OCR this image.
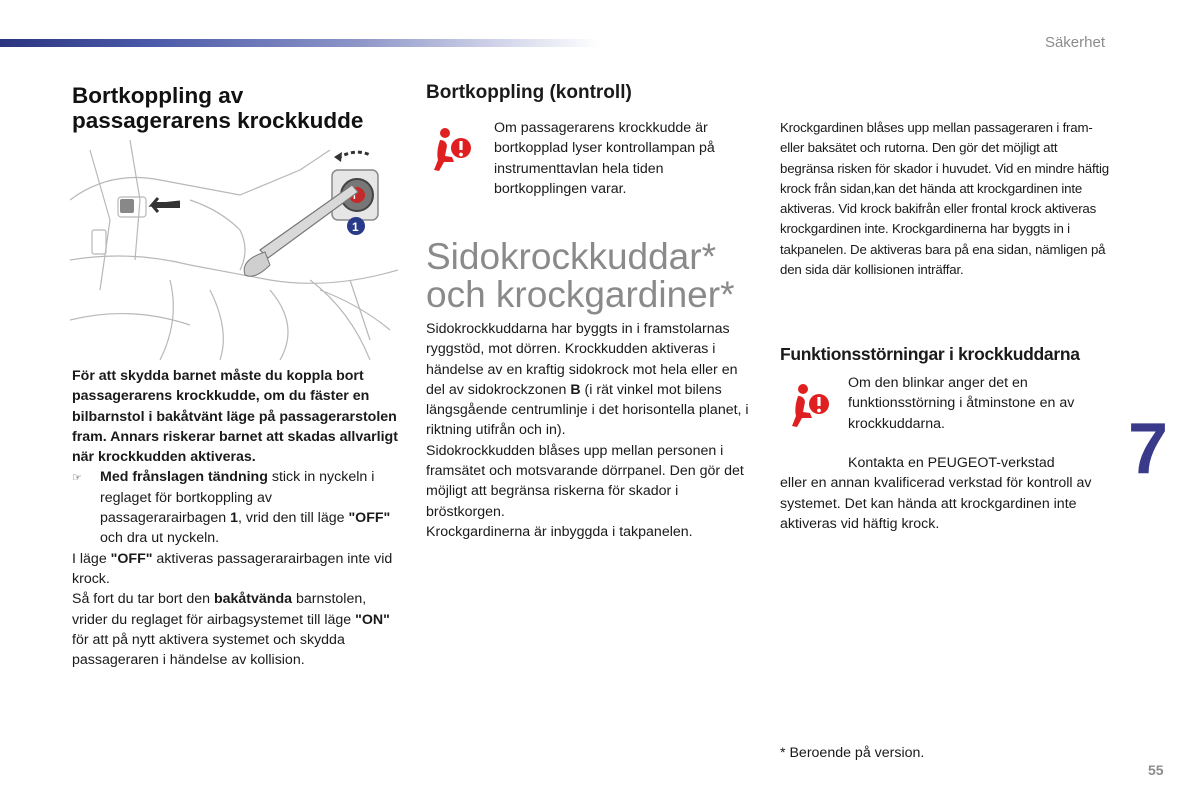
Säkerhet
7
55
Bortkoppling av passagerarens krockkudde
i
1

För att skydda barnet måste du koppla bort passagerarens krockkudde, om du fäster en bilbarnstol i bakåtvänt läge på passagerarstolen fram. Annars riskerar barnet att skadas allvarligt när krockkudden aktiveras.

☞ Med frånslagen tändning stick in nyckeln i reglaget för bortkoppling av passagerarairbagen 1, vrid den till läge "OFF" och dra ut nyckeln.

I läge "OFF" aktiveras passagerarairbagen inte vid krock.

Så fort du tar bort den bakåtvända barnstolen, vrider du reglaget för airbagsystemet till läge "ON" för att på nytt aktivera systemet och skydda passageraren i händelse av kollision.

Bortkoppling (kontroll)
Om passagerarens krockkudde är bortkopplad lyser kontrollampan på instrumenttavlan hela tiden bortkopplingen varar.
Sidokrockkuddar*
och krockgardiner*

Sidokrockkuddarna har byggts in i framstolarnas ryggstöd, mot dörren. Krockkudden aktiveras i händelse av en kraftig sidokrock mot hela eller en del av sidokrockzonen B (i rät vinkel mot bilens längsgående centrumlinje i det horisontella planet, i riktning utifrån och in).

Sidokrockkudden blåses upp mellan personen i framsätet och motsvarande dörrpanel. Den gör det möjligt att begränsa riskerna för skador i bröstkorgen.

Krockgardinerna är inbyggda i takpanelen.

Krockgardinen blåses upp mellan passageraren i fram- eller baksätet och rutorna. Den gör det möjligt att begränsa risken för skador i huvudet. Vid en mindre häftig krock från sidan,kan det hända att krockgardinen inte aktiveras. Vid krock bakifrån eller frontal krock aktiveras krockgardinen inte. Krockgardinerna har byggts in i takpanelen. De aktiveras bara på ena sidan, nämligen på den sida där kollisionen inträffar.
Funktionsstörningar i krockkuddarna
Om den blinkar anger det en funktionsstörning i åtminstone en av krockkuddarna.
Kontakta en PEUGEOT-verkstad
eller en annan kvalificerad verkstad för kontroll av systemet. Det kan hända att krockgardinen inte aktiveras vid häftig krock.
* Beroende på version.
